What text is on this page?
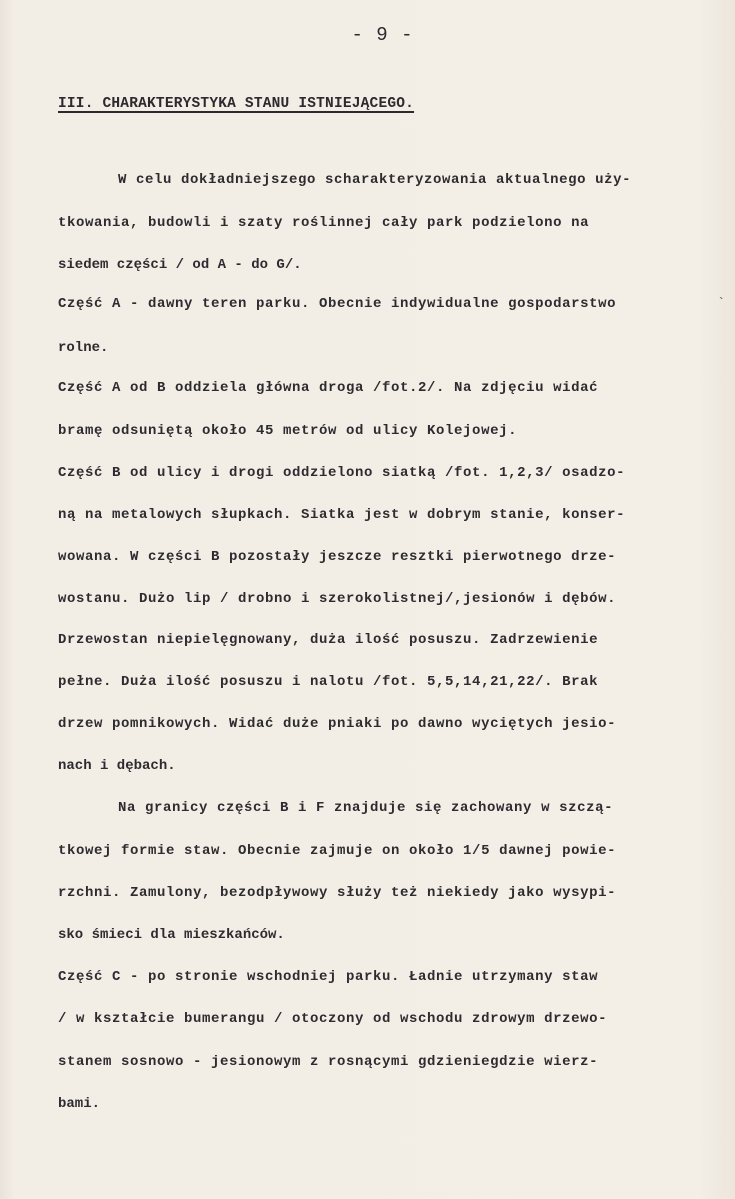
- 9 -
III. CHARAKTERYSTYKA STANU ISTNIEJĄCEGO.
W celu dokładniejszego scharakteryzowania aktualnego uży-
tkowania, budowli i szaty roślinnej cały park podzielono na
siedem części / od A - do G/.
Część A - dawny teren parku. Obecnie indywidualne gospodarstwo
rolne.
Część A od B oddziela główna droga /fot.2/. Na zdjęciu widać
bramę odsuniętą około 45 metrów od ulicy Kolejowej.
Część B od ulicy i drogi oddzielono siatką /fot. 1,2,3/ osadzo-
ną na metalowych słupkach. Siatka jest w dobrym stanie, konser-
wowana. W części B pozostały jeszcze resztki pierwotnego drze-
wostanu. Dużo lip / drobno i szerokolistnej/,jesionów i dębów.
Drzewostan niepielęgnowany, duża ilość posuszu. Zadrzewienie
pełne. Duża ilość posuszu i nalotu /fot. 5,5,14,21,22/. Brak
drzew pomnikowych. Widać duże pniaki po dawno wyciętych jesio-
nach i dębach.
Na granicy części B i F znajduje się zachowany w szczą-
tkowej formie staw. Obecnie zajmuje on około 1/5 dawnej powie-
rzchni. Zamulony, bezodpływowy służy też niekiedy jako wysypi-
sko śmieci dla mieszkańców.
Część C - po stronie wschodniej parku. Ładnie utrzymany staw
/ w kształcie bumerangu / otoczony od wschodu zdrowym drzewo-
stanem sosnowo - jesionowym z rosnącymi gdzieniegdzie wierz-
bami.
`
